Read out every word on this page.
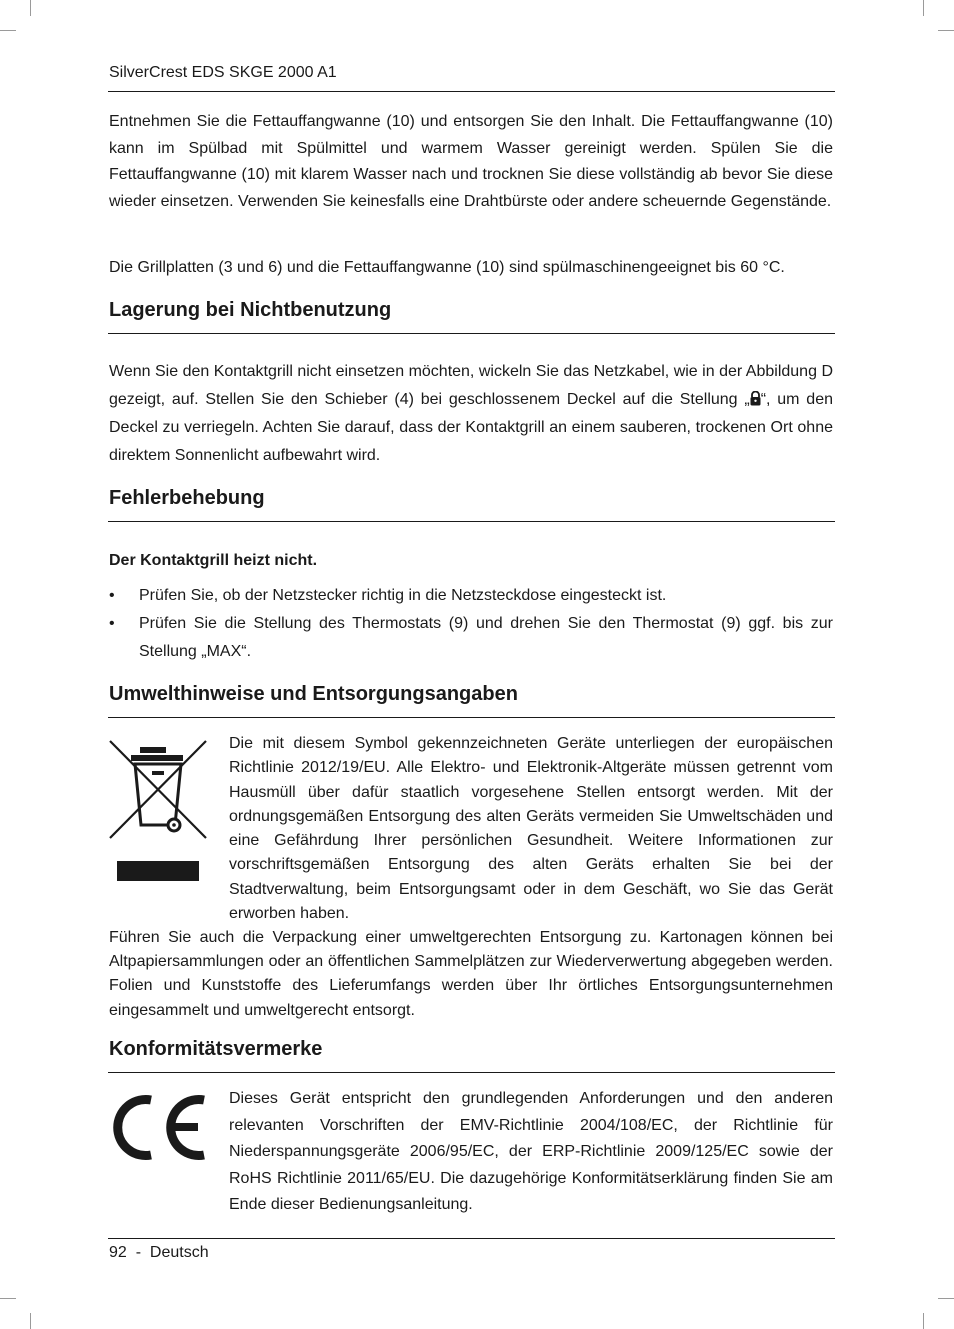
SilverCrest EDS SKGE 2000 A1

Entnehmen Sie die Fettauffangwanne (10) und entsorgen Sie den Inhalt. Die Fettauffangwanne (10) kann im Spülbad mit Spülmittel und warmem Wasser gereinigt werden. Spülen Sie die Fettauffangwanne (10) mit klarem Wasser nach und trocknen Sie diese vollständig ab bevor Sie diese wieder einsetzen. Verwenden Sie keinesfalls eine Drahtbürste oder andere scheuernde Gegenstände.

Die Grillplatten (3 und 6) und die Fettauffangwanne (10) sind spülmaschinengeeignet bis 60 °C.

Lagerung bei Nichtbenutzung

Wenn Sie den Kontaktgrill nicht einsetzen möchten, wickeln Sie das Netzkabel, wie in der Abbildung D gezeigt, auf. Stellen Sie den Schieber (4) bei geschlossenem Deckel auf die Stellung „ “, um den Deckel zu verriegeln. Achten Sie darauf, dass der Kontaktgrill an einem sauberen, trockenen Ort ohne direktem Sonnenlicht aufbewahrt wird.

Fehlerbehebung
Der Kontaktgrill heizt nicht.
• Prüfen Sie, ob der Netzstecker richtig in die Netzsteckdose eingesteckt ist.
• Prüfen Sie die Stellung des Thermostats (9) und drehen Sie den Thermostat (9) ggf. bis zur Stellung „MAX“.
Umwelthinweise und Entsorgungsangaben

Die mit diesem Symbol gekennzeichneten Geräte unterliegen der europäischen Richtlinie 2012/19/EU. Alle Elektro- und Elektronik-Altgeräte müssen getrennt vom Hausmüll über dafür staatlich vorgesehene Stellen entsorgt werden. Mit der ordnungsgemäßen Entsorgung des alten Geräts vermeiden Sie Umweltschäden und eine Gefährdung Ihrer persönlichen Gesundheit. Weitere Informationen zur vorschriftsgemäßen Entsorgung des alten Geräts erhalten Sie bei der Stadtverwaltung, beim Entsorgungsamt oder in dem Geschäft, wo Sie das Gerät erworben haben.

Führen Sie auch die Verpackung einer umweltgerechten Entsorgung zu. Kartonagen können bei Altpapiersammlungen oder an öffentlichen Sammelplätzen zur Wiederverwertung abgegeben werden. Folien und Kunststoffe des Lieferumfangs werden über Ihr örtliches Entsorgungsunternehmen eingesammelt und umweltgerecht entsorgt.

Konformitätsvermerke

Dieses Gerät entspricht den grundlegenden Anforderungen und den anderen relevanten Vorschriften der EMV-Richtlinie 2004/108/EC, der Richtlinie für Niederspannungsgeräte 2006/95/EC, der ERP-Richtlinie 2009/125/EC sowie der RoHS Richtlinie 2011/65/EU. Die dazugehörige Konformitätserklärung finden Sie am Ende dieser Bedienungsanleitung.

92  -  Deutsch
